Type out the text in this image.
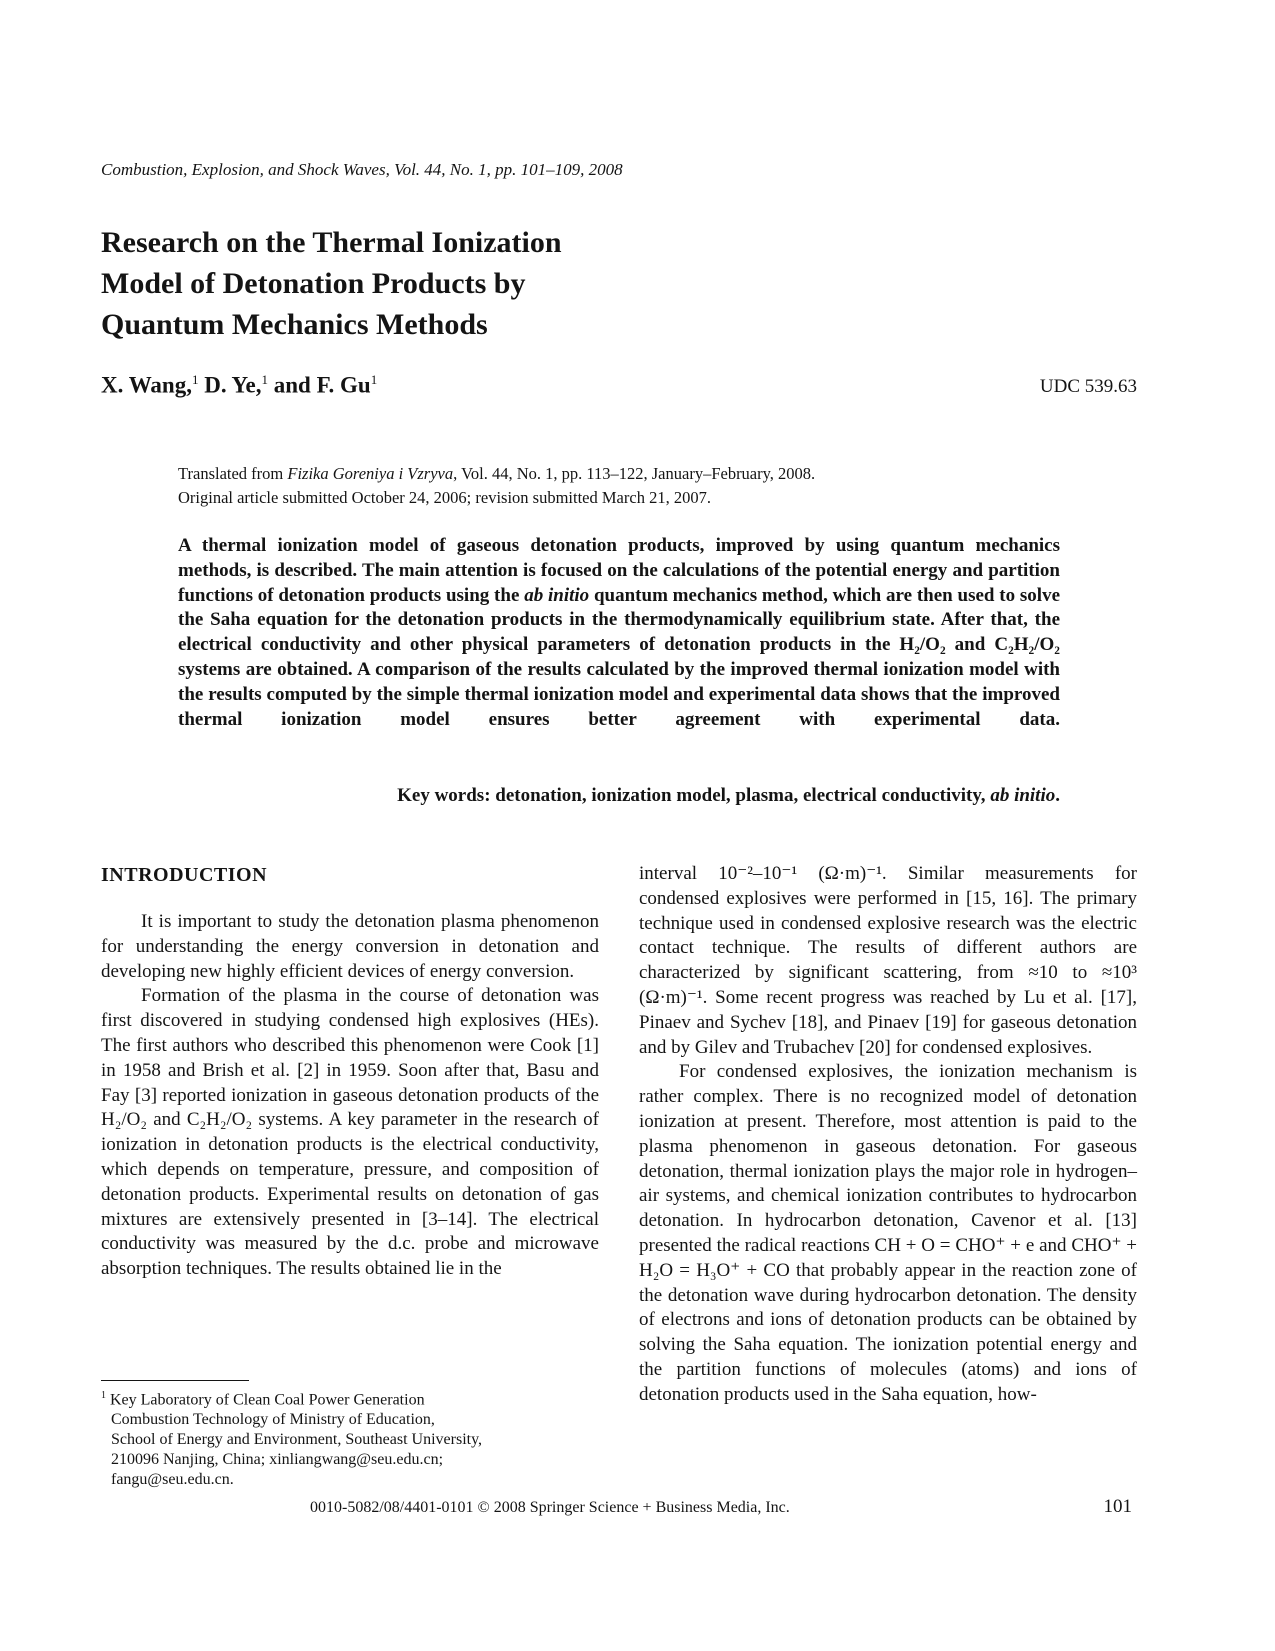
Combustion, Explosion, and Shock Waves, Vol. 44, No. 1, pp. 101–109, 2008
Research on the Thermal Ionization
Model of Detonation Products by
Quantum Mechanics Methods
X. Wang,$^1$ D. Ye,$^1$ and F. Gu$^1$	UDC 539.63

Translated from Fizika Goreniya i Vzryva, Vol. 44, No. 1, pp. 113–122, January–February, 2008.

Original article submitted October 24, 2006; revision submitted March 21, 2007.

A thermal ionization model of gaseous detonation products, improved by using quantum mechanics methods, is described. The main attention is focused on the calculations of the potential energy and partition functions of detonation products using the ab initio quantum mechanics method, which are then used to solve the Saha equation for the detonation products in the thermodynamically equilibrium state. After that, the electrical conductivity and other physical parameters of detonation products in the H₂/O₂ and C₂H₂/O₂ systems are obtained. A comparison of the results calculated by the improved thermal ionization model with the results computed by the simple thermal ionization model and experimental data shows that the improved thermal ionization model ensures better agreement with experimental data.
Key words: detonation, ionization model, plasma, electrical conductivity, ab initio.
INTRODUCTION

It is important to study the detonation plasma phenomenon for understanding the energy conversion in detonation and developing new highly efficient devices of energy conversion.

Formation of the plasma in the course of detonation was first discovered in studying condensed high explosives (HEs). The first authors who described this phenomenon were Cook [1] in 1958 and Brish et al. [2] in 1959. Soon after that, Basu and Fay [3] reported ionization in gaseous detonation products of the H₂/O₂ and C₂H₂/O₂ systems. A key parameter in the research of ionization in detonation products is the electrical conductivity, which depends on temperature, pressure, and composition of detonation products. Experimental results on detonation of gas mixtures are extensively presented in [3–14]. The electrical conductivity was measured by the d.c. probe and microwave absorption techniques. The results obtained lie in the

interval 10⁻²–10⁻¹ (Ω·m)⁻¹. Similar measurements for condensed explosives were performed in [15, 16]. The primary technique used in condensed explosive research was the electric contact technique. The results of different authors are characterized by significant scattering, from ≈10 to ≈10³ (Ω·m)⁻¹. Some recent progress was reached by Lu et al. [17], Pinaev and Sychev [18], and Pinaev [19] for gaseous detonation and by Gilev and Trubachev [20] for condensed explosives.

For condensed explosives, the ionization mechanism is rather complex. There is no recognized model of detonation ionization at present. Therefore, most attention is paid to the plasma phenomenon in gaseous detonation. For gaseous detonation, thermal ionization plays the major role in hydrogen–air systems, and chemical ionization contributes to hydrocarbon detonation. In hydrocarbon detonation, Cavenor et al. [13] presented the radical reactions CH + O = CHO⁺ + e and CHO⁺ + H₂O = H₃O⁺ + CO that probably appear in the reaction zone of the detonation wave during hydrocarbon detonation. The density of electrons and ions of detonation products can be obtained by solving the Saha equation. The ionization potential energy and the partition functions of molecules (atoms) and ions of detonation products used in the Saha equation, how-

$^1$ Key Laboratory of Clean Coal Power Generation
Combustion Technology of Ministry of Education,
School of Energy and Environment, Southeast University,
210096 Nanjing, China; xinliangwang@seu.edu.cn;
fangu@seu.edu.cn.
0010-5082/08/4401-0101 © 2008 Springer Science + Business Media, Inc.	101
